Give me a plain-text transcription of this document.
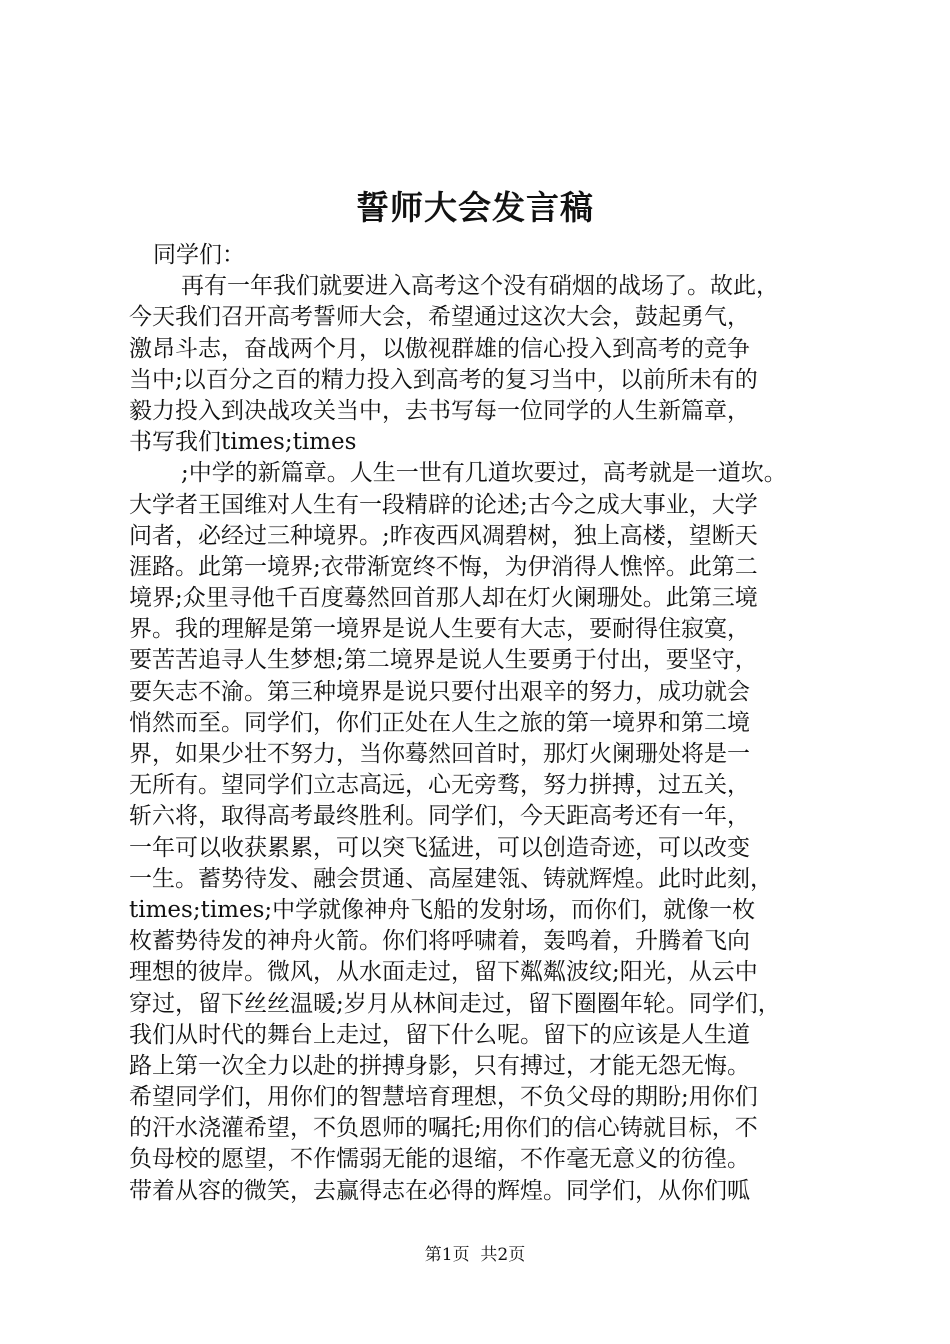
誓师大会发言稿
同学们：
再有一年我们就要进入高考这个没有硝烟的战场了。故此，
今天我们召开高考誓师大会，希望通过这次大会，鼓起勇气，
激昂斗志，奋战两个月，以傲视群雄的信心投入到高考的竞争
当中;以百分之百的精力投入到高考的复习当中，以前所未有的
毅力投入到决战攻关当中，去书写每一位同学的人生新篇章，
书写我们times;times
;中学的新篇章。人生一世有几道坎要过，高考就是一道坎。
大学者王国维对人生有一段精辟的论述;古今之成大事业，大学
问者，必经过三种境界。;昨夜西风凋碧树，独上高楼，望断天
涯路。此第一境界;衣带渐宽终不悔，为伊消得人憔悴。此第二
境界;众里寻他千百度蓦然回首那人却在灯火阑珊处。此第三境
界。我的理解是第一境界是说人生要有大志，要耐得住寂寞，
要苦苦追寻人生梦想;第二境界是说人生要勇于付出，要坚守，
要矢志不渝。第三种境界是说只要付出艰辛的努力，成功就会
悄然而至。同学们，你们正处在人生之旅的第一境界和第二境
界，如果少壮不努力，当你蓦然回首时，那灯火阑珊处将是一
无所有。望同学们立志高远，心无旁骛，努力拼搏，过五关，
斩六将，取得高考最终胜利。同学们，今天距高考还有一年，
一年可以收获累累，可以突飞猛进，可以创造奇迹，可以改变
一生。蓄势待发、融会贯通、高屋建瓴、铸就辉煌。此时此刻，
times;times;中学就像神舟飞船的发射场，而你们，就像一枚
枚蓄势待发的神舟火箭。你们将呼啸着，轰鸣着，升腾着飞向
理想的彼岸。微风，从水面走过，留下粼粼波纹;阳光，从云中
穿过，留下丝丝温暖;岁月从林间走过，留下圈圈年轮。同学们，
我们从时代的舞台上走过，留下什么呢。留下的应该是人生道
路上第一次全力以赴的拼搏身影，只有搏过，才能无怨无悔。
希望同学们，用你们的智慧培育理想，不负父母的期盼;用你们
的汗水浇灌希望，不负恩师的嘱托;用你们的信心铸就目标，不
负母校的愿望，不作懦弱无能的退缩，不作毫无意义的彷徨。
带着从容的微笑，去赢得志在必得的辉煌。同学们，从你们呱
第1页  共2页
